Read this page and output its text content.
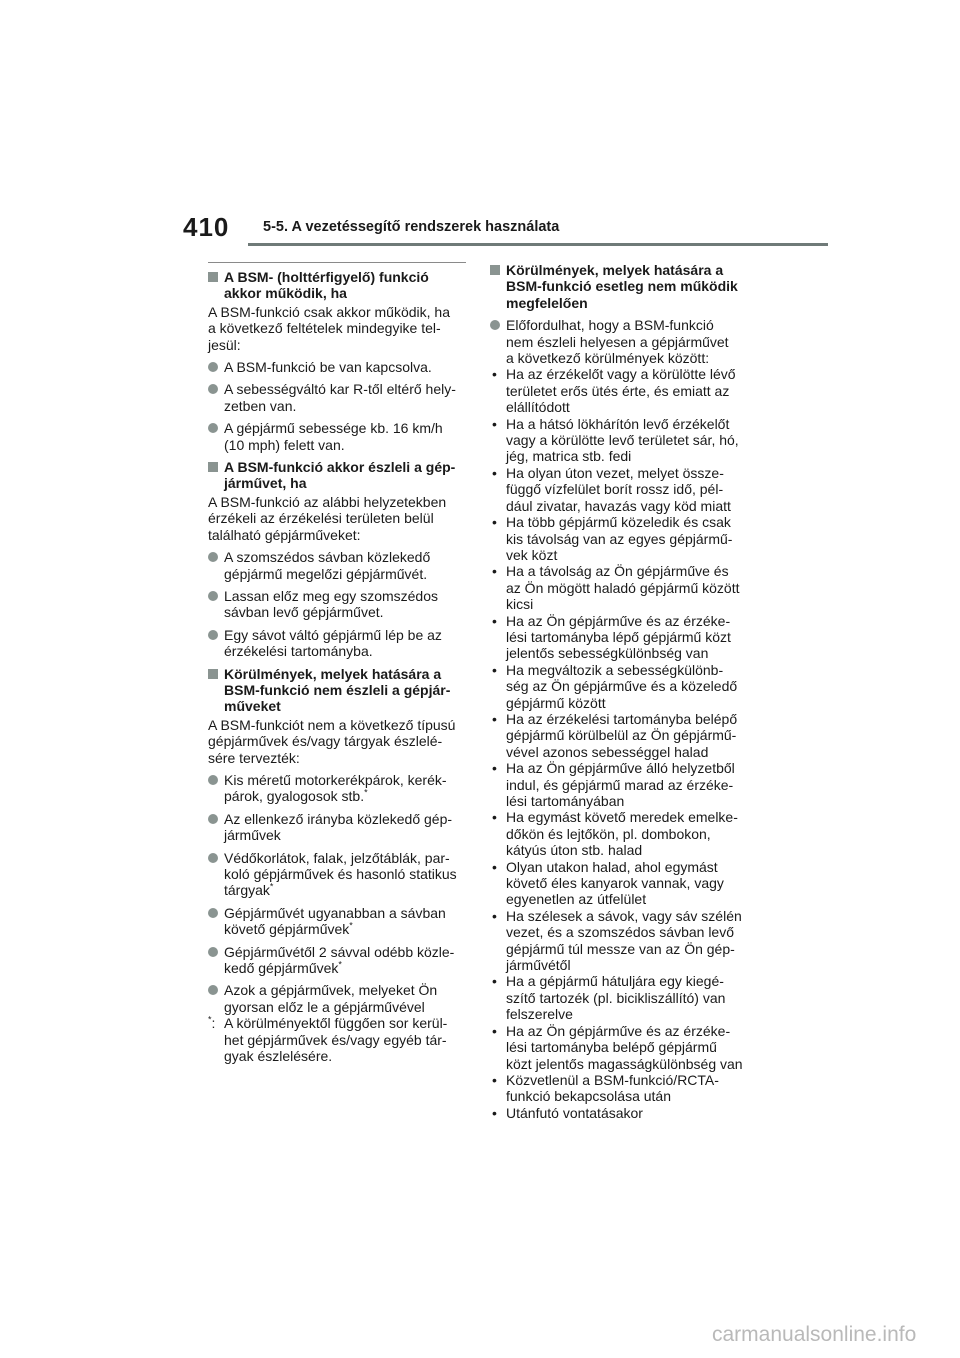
410 5-5. A vezetéssegítő rendszerek használata
A BSM- (holttérfigyelő) funkció
akkor működik, ha
A BSM-funkció csak akkor működik, ha
a következő feltételek mindegyike tel-
jesül:
A BSM-funkció be van kapcsolva.
A sebességváltó kar R-től eltérő hely-
zetben van.
A gépjármű sebessége kb. 16 km/h
(10 mph) felett van.
A BSM-funkció akkor észleli a gép-
járművet, ha
A BSM-funkció az alábbi helyzetekben
érzékeli az érzékelési területen belül
található gépjárműveket:
A szomszédos sávban közlekedő
gépjármű megelőzi gépjárművét.
Lassan előz meg egy szomszédos
sávban levő gépjárművet.
Egy sávot váltó gépjármű lép be az
érzékelési tartományba.
Körülmények, melyek hatására a
BSM-funkció nem észleli a gépjár-
műveket
A BSM-funkciót nem a következő típusú
gépjárművek és/vagy tárgyak észlelé-
sére tervezték:
Kis méretű motorkerékpárok, kerék-
párok, gyalogosok stb.*
Az ellenkező irányba közlekedő gép-
járművek
Védőkorlátok, falak, jelzőtáblák, par-
koló gépjárművek és hasonló statikus
tárgyak*
Gépjárművét ugyanabban a sávban
követő gépjárművek*
Gépjárművétől 2 sávval odébb közle-
kedő gépjárművek*
Azok a gépjárművek, melyeket Ön
gyorsan előz le a gépjárművével
*: A körülményektől függően sor kerül-
het gépjárművek és/vagy egyéb tár-
gyak észlelésére.
Körülmények, melyek hatására a
BSM-funkció esetleg nem működik
megfelelően
Előfordulhat, hogy a BSM-funkció
nem észleli helyesen a gépjárművet
a következő körülmények között:
• Ha az érzékelőt vagy a körülötte lévő
területet erős ütés érte, és emiatt az
elállítódott
• Ha a hátsó lökhárítón levő érzékelőt
vagy a körülötte levő területet sár, hó,
jég, matrica stb. fedi
• Ha olyan úton vezet, melyet össze-
függő vízfelület borít rossz idő, pél-
dául zivatar, havazás vagy köd miatt
• Ha több gépjármű közeledik és csak
kis távolság van az egyes gépjármű-
vek közt
• Ha a távolság az Ön gépjárműve és
az Ön mögött haladó gépjármű között
kicsi
• Ha az Ön gépjárműve és az érzéke-
lési tartományba lépő gépjármű közt
jelentős sebességkülönbség van
• Ha megváltozik a sebességkülönb-
ség az Ön gépjárműve és a közeledő
gépjármű között
• Ha az érzékelési tartományba belépő
gépjármű körülbelül az Ön gépjármű-
vével azonos sebességgel halad
• Ha az Ön gépjárműve álló helyzetből
indul, és gépjármű marad az érzéke-
lési tartományában
• Ha egymást követő meredek emelke-
dőkön és lejtőkön, pl. dombokon,
kátyús úton stb. halad
• Olyan utakon halad, ahol egymást
követő éles kanyarok vannak, vagy
egyenetlen az útfelület
• Ha szélesek a sávok, vagy sáv szélén
vezet, és a szomszédos sávban levő
gépjármű túl messze van az Ön gép-
járművétől
• Ha a gépjármű hátuljára egy kiegé-
szítő tartozék (pl. bicikliszállító) van
felszerelve
• Ha az Ön gépjárműve és az érzéke-
lési tartományba belépő gépjármű
közt jelentős magasságkülönbség van
• Közvetlenül a BSM-funkció/RCTA-
funkció bekapcsolása után
• Utánfutó vontatásakor
carmanualsonline.info
